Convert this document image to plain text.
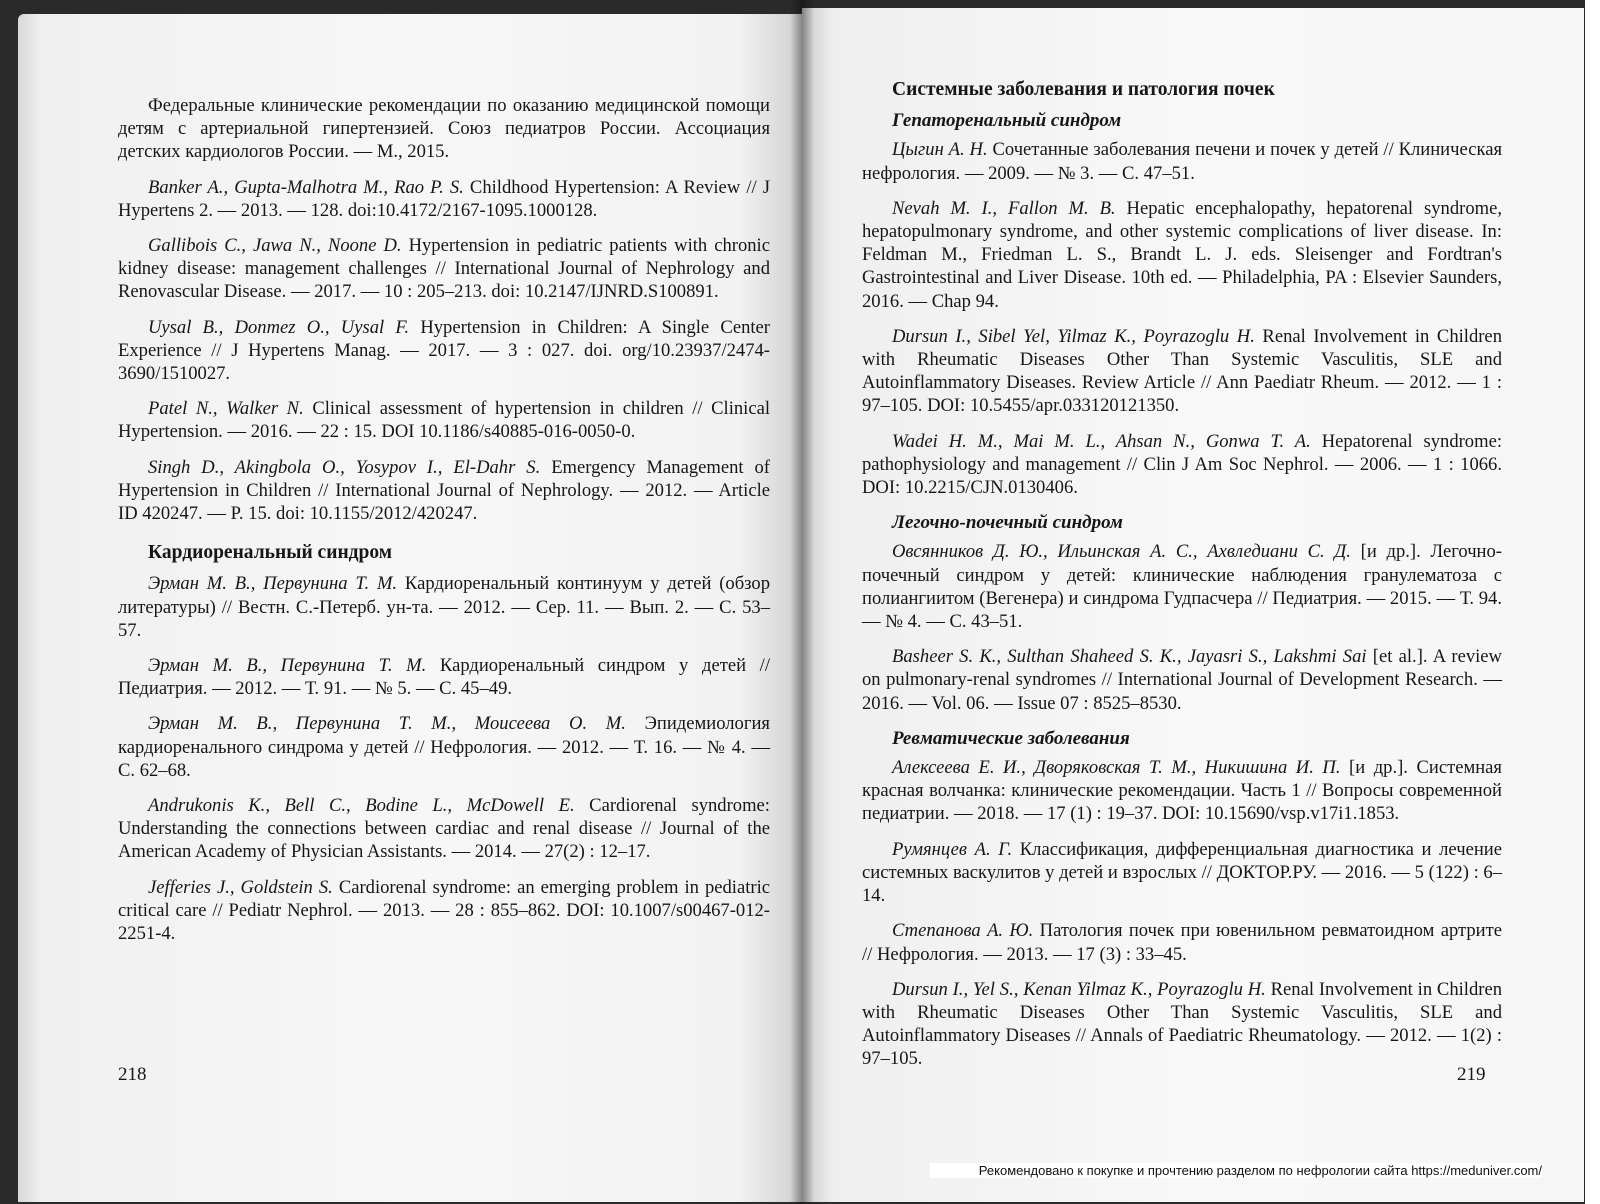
Федеральные клинические рекомендации по оказанию медицинской помощи детям с артериальной гипертензией. Союз педиатров России. Ассоциация детских кардиологов России. — М., 2015.
Banker A., Gupta-Malhotra M., Rao P. S. Childhood Hypertension: A Review // J Hypertens 2. — 2013. — 128. doi:10.4172/2167-1095.1000128.
Gallibois C., Jawa N., Noone D. Hypertension in pediatric patients with chronic kidney disease: management challenges // International Journal of Nephrology and Renovascular Disease. — 2017. — 10 : 205–213. doi: 10.2147/IJNRD.S100891.
Uysal B., Donmez O., Uysal F. Hypertension in Children: A Single Center Experience // J Hypertens Manag. — 2017. — 3 : 027. doi. org/10.23937/2474-3690/1510027.
Patel N., Walker N. Clinical assessment of hypertension in children // Clinical Hypertension. — 2016. — 22 : 15. DOI 10.1186/s40885-016-0050-0.
Singh D., Akingbola O., Yosypov I., El-Dahr S. Emergency Management of Hypertension in Children // International Journal of Nephrology. — 2012. — Article ID 420247. — P. 15. doi: 10.1155/2012/420247.
Кардиоренальный синдром
Эрман М. В., Первунина Т. М. Кардиоренальный континуум у детей (обзор литературы) // Вестн. С.-Петерб. ун-та. — 2012. — Сер. 11. — Вып. 2. — С. 53–57.
Эрман М. В., Первунина Т. М. Кардиоренальный синдром у детей // Педиатрия. — 2012. — Т. 91. — № 5. — С. 45–49.
Эрман М. В., Первунина Т. М., Моисеева О. М. Эпидемиология кардиоренального синдрома у детей // Нефрология. — 2012. — Т. 16. — № 4. — С. 62–68.
Andrukonis K., Bell C., Bodine L., McDowell E. Cardiorenal syndrome: Understanding the connections between cardiac and renal disease // Journal of the American Academy of Physician Assistants. — 2014. — 27(2) : 12–17.
Jefferies J., Goldstein S. Cardiorenal syndrome: an emerging problem in pediatric critical care // Pediatr Nephrol. — 2013. — 28 : 855–862. DOI: 10.1007/s00467-012-2251-4.
218
Системные заболевания и патология почек
Гепаторенальный синдром
Цыгин А. Н. Сочетанные заболевания печени и почек у детей // Клиническая нефрология. — 2009. — № 3. — С. 47–51.
Nevah M. I., Fallon M. B. Hepatic encephalopathy, hepatorenal syndrome, hepatopulmonary syndrome, and other systemic complications of liver disease. In: Feldman M., Friedman L. S., Brandt L. J. eds. Sleisenger and Fordtran's Gastrointestinal and Liver Disease. 10th ed. — Philadelphia, PA : Elsevier Saunders, 2016. — Chap 94.
Dursun I., Sibel Yel, Yilmaz K., Poyrazoglu H. Renal Involvement in Children with Rheumatic Diseases Other Than Systemic Vasculitis, SLE and Autoinflammatory Diseases. Review Article // Ann Paediatr Rheum. — 2012. — 1 : 97–105. DOI: 10.5455/apr.033120121350.
Wadei H. M., Mai M. L., Ahsan N., Gonwa T. A. Hepatorenal syndrome: pathophysiology and management // Clin J Am Soc Nephrol. — 2006. — 1 : 1066. DOI: 10.2215/CJN.0130406.
Легочно-почечный синдром
Овсянников Д. Ю., Ильинская А. С., Ахвледиани С. Д. [и др.]. Легочно-почечный синдром у детей: клинические наблюдения гранулематоза с полиангиитом (Вегенера) и синдрома Гудпасчера // Педиатрия. — 2015. — Т. 94. — № 4. — С. 43–51.
Basheer S. K., Sulthan Shaheed S. K., Jayasri S., Lakshmi Sai [et al.]. A review on pulmonary-renal syndromes // International Journal of Development Research. — 2016. — Vol. 06. — Issue 07 : 8525–8530.
Ревматические заболевания
Алексеева Е. И., Дворяковская Т. М., Никишина И. П. [и др.]. Системная красная волчанка: клинические рекомендации. Часть 1 // Вопросы современной педиатрии. — 2018. — 17 (1) : 19–37. DOI: 10.15690/vsp.v17i1.1853.
Румянцев А. Г. Классификация, дифференциальная диагностика и лечение системных васкулитов у детей и взрослых // ДОКТОР.РУ. — 2016. — 5 (122) : 6–14.
Степанова А. Ю. Патология почек при ювенильном ревматоидном артрите // Нефрология. — 2013. — 17 (3) : 33–45.
Dursun I., Yel S., Kenan Yilmaz K., Poyrazoglu H. Renal Involvement in Children with Rheumatic Diseases Other Than Systemic Vasculitis, SLE and Autoinflammatory Diseases // Annals of Paediatric Rheumatology. — 2012. — 1(2) : 97–105.
219
Рекомендовано к покупке и прочтению разделом по нефрологии сайта https://meduniver.com/
